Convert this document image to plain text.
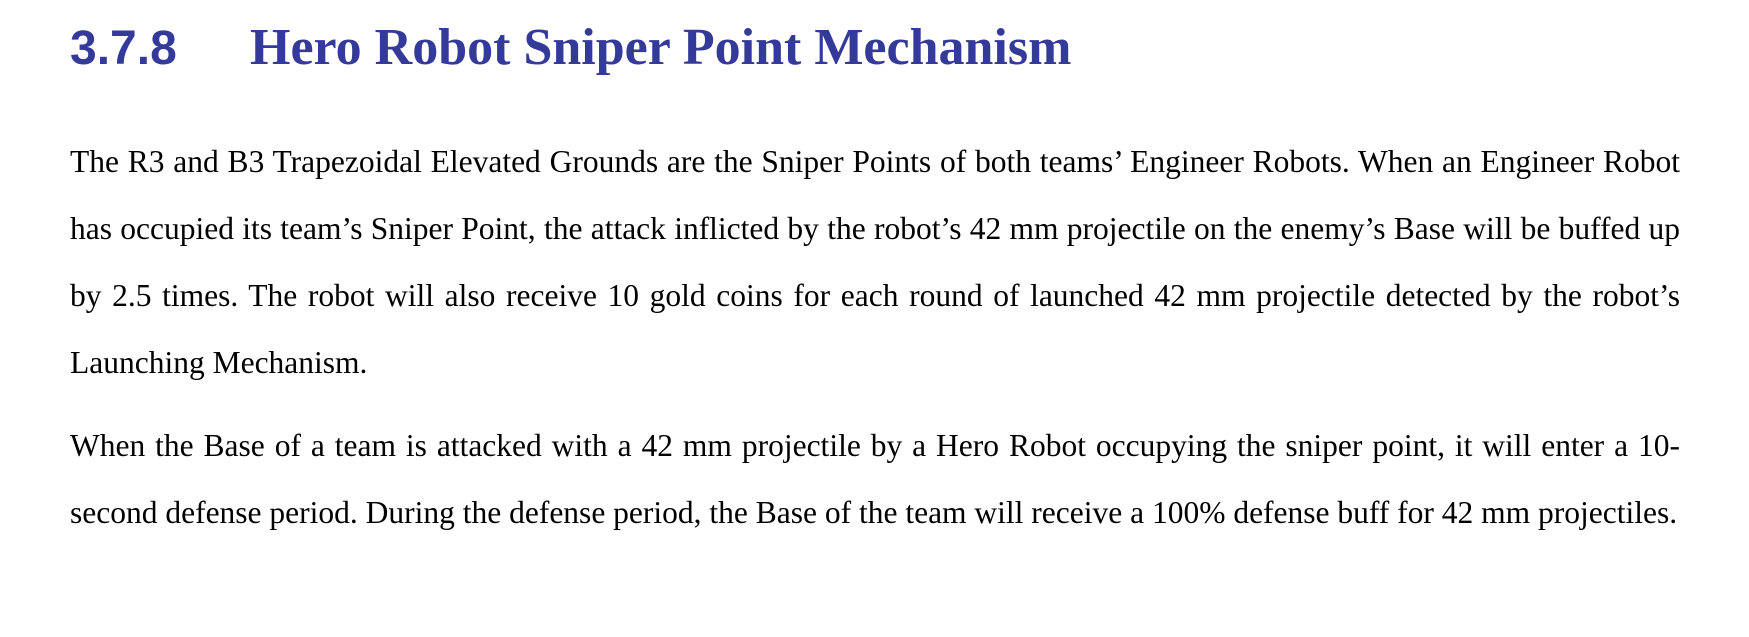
3.7.8 Hero Robot Sniper Point Mechanism

The R3 and B3 Trapezoidal Elevated Grounds are the Sniper Points of both teams’ Engineer Robots. When an Engineer Robot has occupied its team’s Sniper Point, the attack inflicted by the robot’s 42 mm projectile on the enemy’s Base will be buffed up by 2.5 times. The robot will also receive 10 gold coins for each round of launched 42 mm projectile detected by the robot’s Launching Mechanism.

When the Base of a team is attacked with a 42 mm projectile by a Hero Robot occupying the sniper point, it will enter a 10-second defense period. During the defense period, the Base of the team will receive a 100% defense buff for 42 mm projectiles.
